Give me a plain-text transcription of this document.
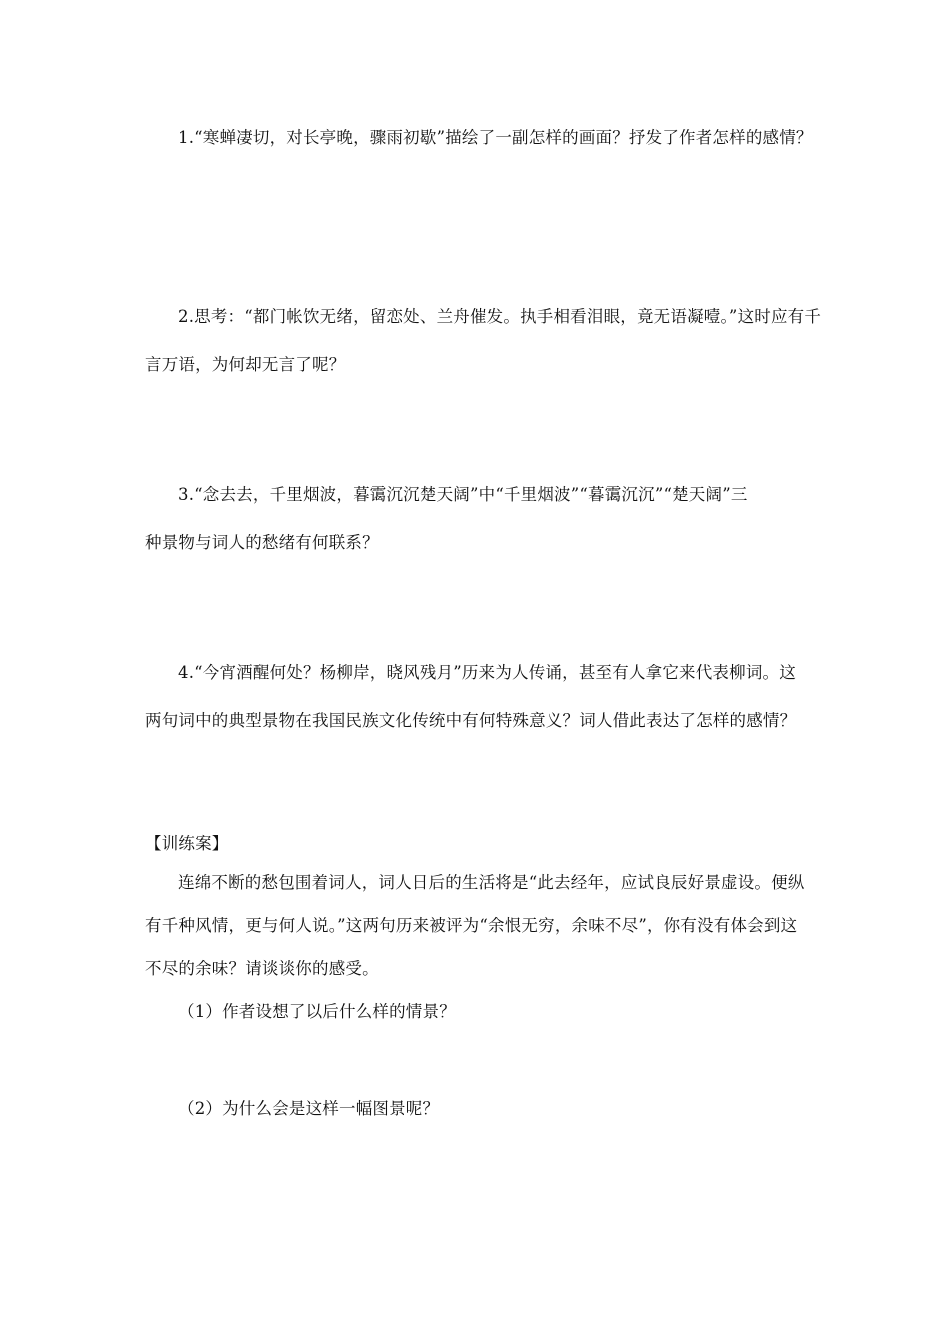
1.“寒蝉凄切，对长亭晚，骤雨初歇”描绘了一副怎样的画面？抒发了作者怎样的感情？
2.思考：“都门帐饮无绪，留恋处、兰舟催发。执手相看泪眼，竟无语凝噎。”这时应有千
言万语，为何却无言了呢？
3.“念去去，千里烟波，暮霭沉沉楚天阔”中“千里烟波”“暮霭沉沉”“楚天阔”三
种景物与词人的愁绪有何联系？
4.“今宵酒醒何处？杨柳岸，晓风残月”历来为人传诵，甚至有人拿它来代表柳词。这
两句词中的典型景物在我国民族文化传统中有何特殊意义？词人借此表达了怎样的感情？
【训练案】
连绵不断的愁包围着词人，词人日后的生活将是“此去经年，应试良辰好景虚设。便纵
有千种风情，更与何人说。”这两句历来被评为“余恨无穷，余味不尽”，你有没有体会到这
不尽的余味？请谈谈你的感受。
（1）作者设想了以后什么样的情景？
（2）为什么会是这样一幅图景呢？
